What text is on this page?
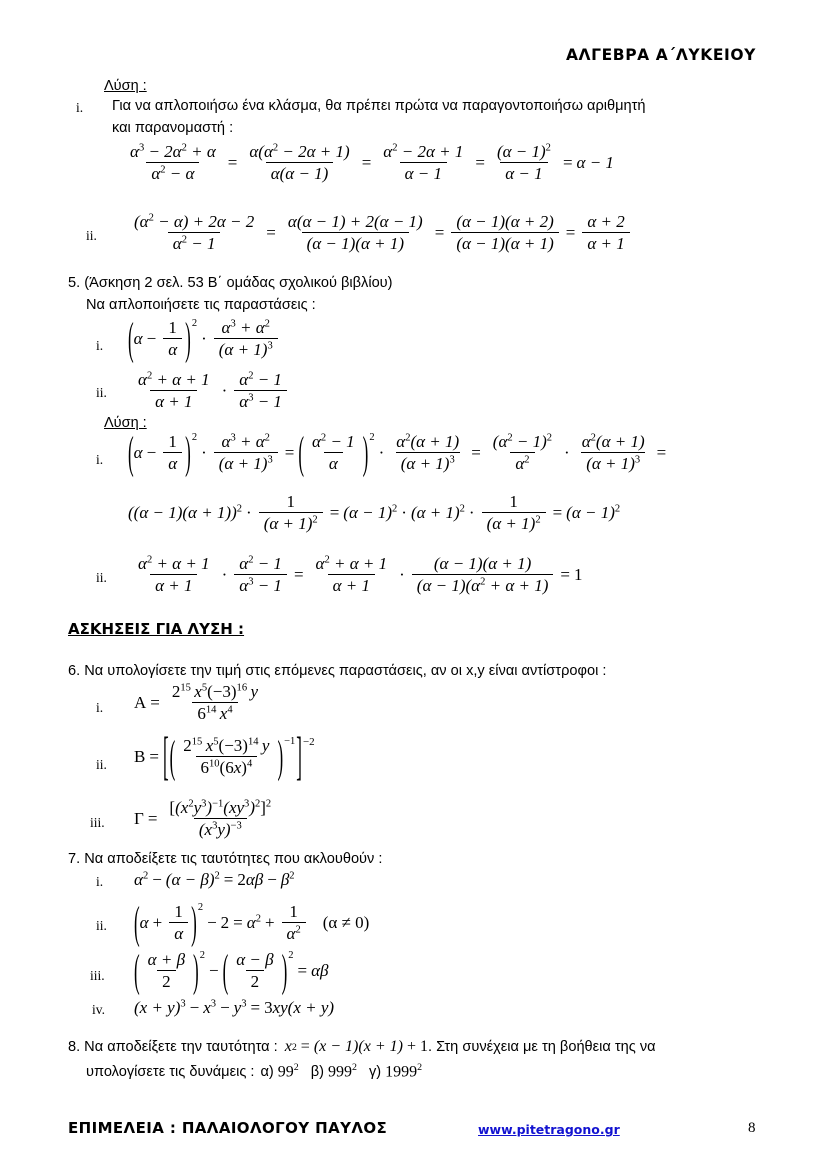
ΑΛΓΕΒΡΑ Α΄ΛΥΚΕΙΟΥ
Λύση :
i. Για να απλοποιήσω ένα κλάσμα, θα πρέπει πρώτα να παραγοντοποιήσω αριθμητή
και παρανομαστή :
$\frac{\alpha^3 - 2\alpha^2 + \alpha}{\alpha^2 - \alpha} = \frac{\alpha(\alpha^2 - 2\alpha + 1)}{\alpha(\alpha - 1)} = \frac{\alpha^2 - 2\alpha + 1}{\alpha - 1} = \frac{(\alpha - 1)^2}{\alpha - 1} = \alpha - 1$
ii. $\frac{(\alpha^2 - \alpha) + 2\alpha - 2}{\alpha^2 - 1} = \frac{\alpha(\alpha - 1) + 2(\alpha - 1)}{(\alpha - 1)(\alpha + 1)} = \frac{(\alpha - 1)(\alpha + 2)}{(\alpha - 1)(\alpha + 1)} = \frac{\alpha + 2}{\alpha + 1}$
5. (Άσκηση 2 σελ. 53 Β΄ ομάδας σχολικού βιβλίου)
Να απλοποιήσετε τις παραστάσεις :
i. ( $\alpha - \frac{1}{\alpha}$ ) 2
· $\frac{\alpha^3 + \alpha^2}{(\alpha + 1)^3}$
ii. $\frac{\alpha^2 + \alpha + 1}{\alpha + 1} \cdot \frac{\alpha^2 - 1}{\alpha^3 - 1}$
Λύση :
i. ( $\alpha - \frac{1}{\alpha}$ ) 2
· $\frac{\alpha^3 + \alpha^2}{(\alpha + 1)^3}$ = ( $\frac{\alpha^2 - 1}{\alpha}$ ) 2
· $\frac{\alpha^2(\alpha + 1)}{(\alpha + 1)^3} = \frac{(\alpha^2 - 1)^2}{\alpha^2} \cdot \frac{\alpha^2(\alpha + 1)}{(\alpha + 1)^3}$ =
$((\alpha - 1)(\alpha + 1))^2 \cdot \frac{1}{(\alpha + 1)^2} = (\alpha - 1)^2 \cdot (\alpha + 1)^2 \cdot \frac{1}{(\alpha + 1)^2} = (\alpha - 1)^2$
ii. $\frac{\alpha^2 + \alpha + 1}{\alpha + 1} \cdot \frac{\alpha^2 - 1}{\alpha^3 - 1} = \frac{\alpha^2 + \alpha + 1}{\alpha + 1} \cdot \frac{(\alpha - 1)(\alpha + 1)}{(\alpha - 1)(\alpha^2 + \alpha + 1)} = 1$
ΑΣΚΗΣΕΙΣ ΓΙΑ ΛΥΣΗ :
6. Να υπολογίσετε την τιμή στις επόμενες παραστάσεις, αν οι x,y είναι αντίστροφοι :
i. $A = \frac{2^{15} x^5(-3)^{16} y}{6^{14} x^4}$
ii. B = [ ( $\frac{2^{15} x^5(-3)^{14} y}{6^{10}(6x)^4}$ ) −1 ] −2
iii. $\Gamma = \frac{[(x^2y^3)^{-1}(xy^3)^2]^2}{(x^3y)^{-3}}$
7. Να αποδείξετε τις ταυτότητες που ακλουθούν :
i. $\alpha^2 - (\alpha - \beta)^2 = 2$ $\alpha\beta - \beta^2$
ii. ( $\alpha + \frac{1}{\alpha}$ ) 2
− $2 = \alpha^2 + \frac{1}{\alpha^2}$	(α ≠ 0)
iii. ( $\frac{\alpha + \beta}{2}$ ) 2
− ( $\frac{\alpha - \beta}{2}$ ) 2
= αβ
iv. $(x + y)^3 - x^3 - y^3 = 3$ xy (x + y)
8. Να αποδείξετε την ταυτότητα : x 2 = (x − 1)(x + 1) + 1 . Στη συνέχεια με τη βοήθεια της να
υπολογίσετε τις δυνάμεις : α) $99^2$ β) $999^2$ γ) 1999$^2$
ΕΠΙΜΕΛΕΙΑ : ΠΑΛΑΙΟΛΟΓΟΥ ΠΑΥΛΟΣ	www.pitetragono.gr	8
